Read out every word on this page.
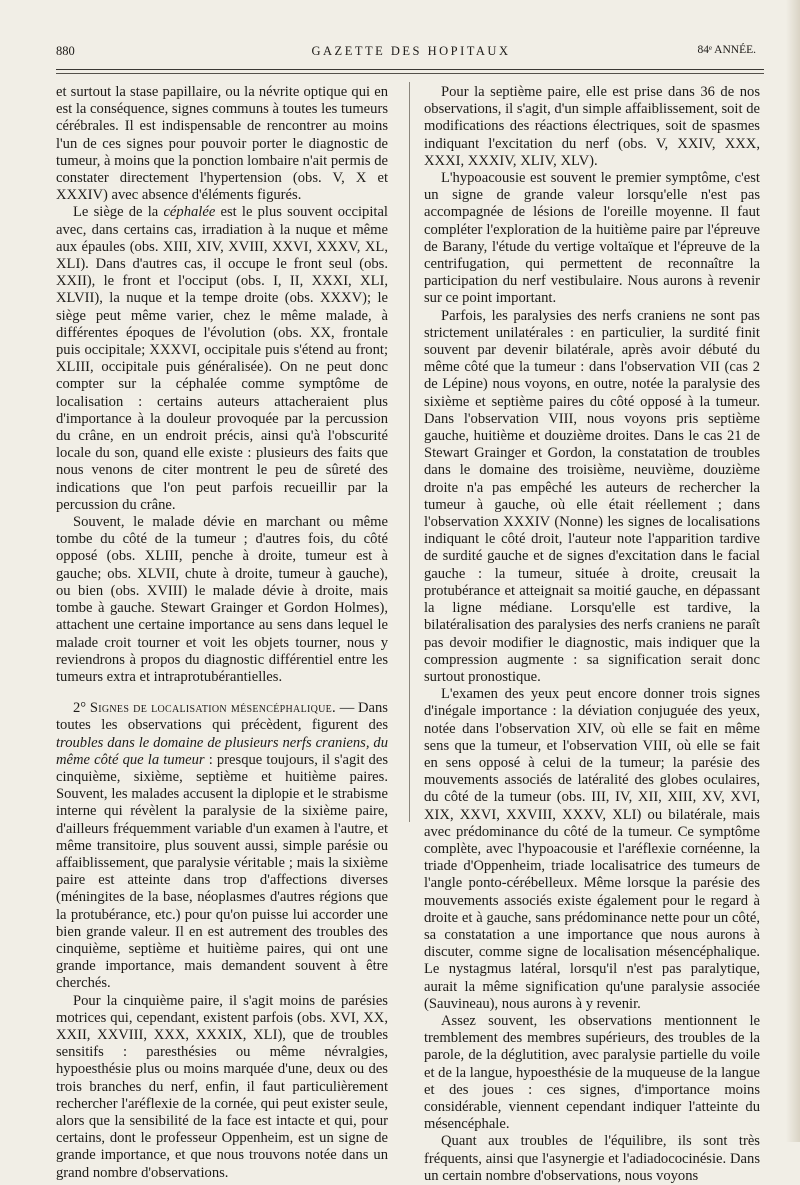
880	GAZETTE DES HOPITAUX	84ᵉ ANNÉE.

et surtout la stase papillaire, ou la névrite optique qui en est la conséquence, signes communs à toutes les tumeurs cérébrales. Il est indispensable de rencontrer au moins l'un de ces signes pour pouvoir porter le diagnostic de tumeur, à moins que la ponction lombaire n'ait permis de constater directement l'hypertension (obs. V, X et XXXIV) avec absence d'éléments figurés.

Le siège de la céphalée est le plus souvent occipital avec, dans certains cas, irradiation à la nuque et même aux épaules (obs. XIII, XIV, XVIII, XXVI, XXXV, XL, XLI). Dans d'autres cas, il occupe le front seul (obs. XXII), le front et l'occiput (obs. I, II, XXXI, XLI, XLVII), la nuque et la tempe droite (obs. XXXV); le siège peut même varier, chez le même malade, à différentes époques de l'évolution (obs. XX, frontale puis occipitale; XXXVI, occipitale puis s'étend au front; XLIII, occipitale puis généralisée). On ne peut donc compter sur la céphalée comme symptôme de localisation : certains auteurs attacheraient plus d'importance à la douleur provoquée par la percussion du crâne, en un endroit précis, ainsi qu'à l'obscurité locale du son, quand elle existe : plusieurs des faits que nous venons de citer montrent le peu de sûreté des indications que l'on peut parfois recueillir par la percussion du crâne.

Souvent, le malade dévie en marchant ou même tombe du côté de la tumeur ; d'autres fois, du côté opposé (obs. XLIII, penche à droite, tumeur est à gauche; obs. XLVII, chute à droite, tumeur à gauche), ou bien (obs. XVIII) le malade dévie à droite, mais tombe à gauche. Stewart Grainger et Gordon Holmes), attachent une certaine importance au sens dans lequel le malade croit tourner et voit les objets tourner, nous y reviendrons à propos du diagnostic différentiel entre les tumeurs extra et intraprotubérantielles.

2° Signes de localisation mésencéphalique. — Dans toutes les observations qui précèdent, figurent des troubles dans le domaine de plusieurs nerfs craniens, du même côté que la tumeur : presque toujours, il s'agit des cinquième, sixième, septième et huitième paires. Souvent, les malades accusent la diplopie et le strabisme interne qui révèlent la paralysie de la sixième paire, d'ailleurs fréquemment variable d'un examen à l'autre, et même transitoire, plus souvent aussi, simple parésie ou affaiblissement, que paralysie véritable ; mais la sixième paire est atteinte dans trop d'affections diverses (méningites de la base, néoplasmes d'autres régions que la protubérance, etc.) pour qu'on puisse lui accorder une bien grande valeur. Il en est autrement des troubles des cinquième, septième et huitième paires, qui ont une grande importance, mais demandent souvent à être cherchés.

Pour la cinquième paire, il s'agit moins de parésies motrices qui, cependant, existent parfois (obs. XVI, XX, XXII, XXVIII, XXX, XXXIX, XLI), que de troubles sensitifs : paresthésies ou même névralgies, hypoesthésie plus ou moins marquée d'une, deux ou des trois branches du nerf, enfin, il faut particulièrement rechercher l'aréflexie de la cornée, qui peut exister seule, alors que la sensibilité de la face est intacte et qui, pour certains, dont le professeur Oppenheim, est un signe de grande importance, et que nous trouvons notée dans un grand nombre d'observations.

Pour la septième paire, elle est prise dans 36 de nos observations, il s'agit, d'un simple affaiblissement, soit de modifications des réactions électriques, soit de spasmes indiquant l'excitation du nerf (obs. V, XXIV, XXX, XXXI, XXXIV, XLIV, XLV).

L'hypoacousie est souvent le premier symptôme, c'est un signe de grande valeur lorsqu'elle n'est pas accompagnée de lésions de l'oreille moyenne. Il faut compléter l'exploration de la huitième paire par l'épreuve de Barany, l'étude du vertige voltaïque et l'épreuve de la centrifugation, qui permettent de reconnaître la participation du nerf vestibulaire. Nous aurons à revenir sur ce point important.

Parfois, les paralysies des nerfs craniens ne sont pas strictement unilatérales : en particulier, la surdité finit souvent par devenir bilatérale, après avoir débuté du même côté que la tumeur : dans l'observation VII (cas 2 de Lépine) nous voyons, en outre, notée la paralysie des sixième et septième paires du côté opposé à la tumeur. Dans l'observation VIII, nous voyons pris septième gauche, huitième et douzième droites. Dans le cas 21 de Stewart Grainger et Gordon, la constatation de troubles dans le domaine des troisième, neuvième, douzième droite n'a pas empêché les auteurs de rechercher la tumeur à gauche, où elle était réellement ; dans l'observation XXXIV (Nonne) les signes de localisations indiquant le côté droit, l'auteur note l'apparition tardive de surdité gauche et de signes d'excitation dans le facial gauche : la tumeur, située à droite, creusait la protubérance et atteignait sa moitié gauche, en dépassant la ligne médiane. Lorsqu'elle est tardive, la bilatéralisation des paralysies des nerfs craniens ne paraît pas devoir modifier le diagnostic, mais indiquer que la compression augmente : sa signification serait donc surtout pronostique.

L'examen des yeux peut encore donner trois signes d'inégale importance : la déviation conjuguée des yeux, notée dans l'observation XIV, où elle se fait en même sens que la tumeur, et l'observation VIII, où elle se fait en sens opposé à celui de la tumeur; la parésie des mouvements associés de latéralité des globes oculaires, du côté de la tumeur (obs. III, IV, XII, XIII, XV, XVI, XIX, XXVI, XXVIII, XXXV, XLI) ou bilatérale, mais avec prédominance du côté de la tumeur. Ce symptôme complète, avec l'hypoacousie et l'aréflexie cornéenne, la triade d'Oppenheim, triade localisatrice des tumeurs de l'angle ponto-cérébelleux. Même lorsque la parésie des mouvements associés existe également pour le regard à droite et à gauche, sans prédominance nette pour un côté, sa constatation a une importance que nous aurons à discuter, comme signe de localisation mésencéphalique. Le nystagmus latéral, lorsqu'il n'est pas paralytique, aurait la même signification qu'une paralysie associée (Sauvineau), nous aurons à y revenir.

Assez souvent, les observations mentionnent le tremblement des membres supérieurs, des troubles de la parole, de la déglutition, avec paralysie partielle du voile et de la langue, hypoesthésie de la muqueuse de la langue et des joues : ces signes, d'importance moins considérable, viennent cependant indiquer l'atteinte du mésencéphale.

Quant aux troubles de l'équilibre, ils sont très fréquents, ainsi que l'asynergie et l'adiadococinésie. Dans un certain nombre d'observations, nous voyons
